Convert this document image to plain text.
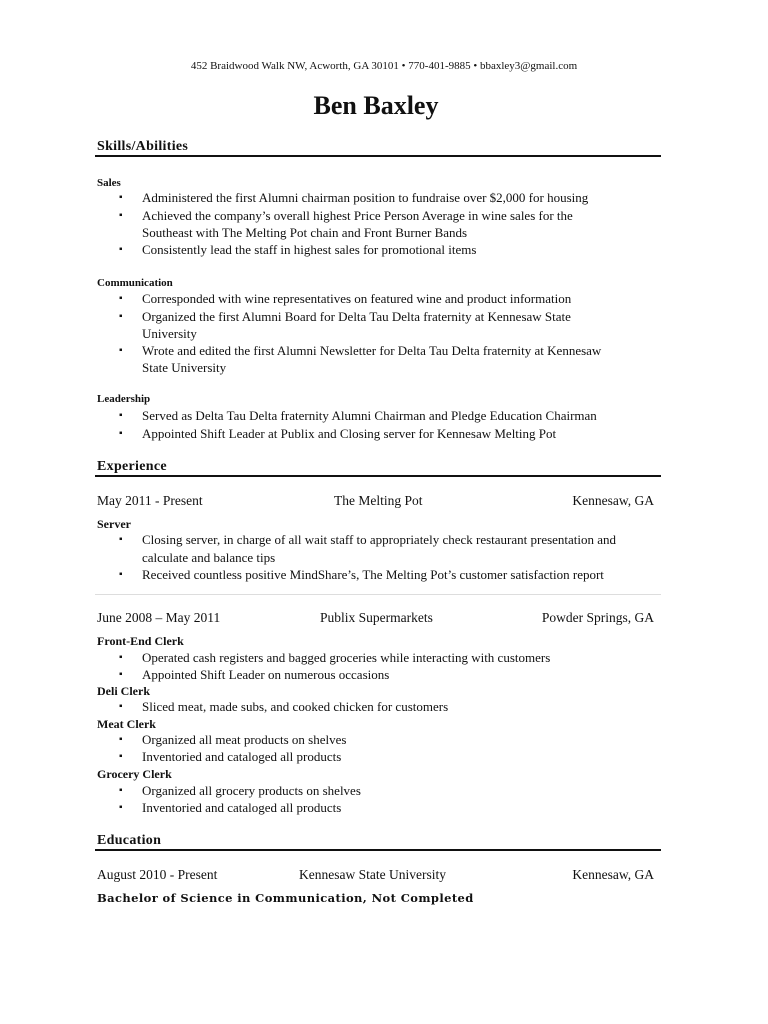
452 Braidwood Walk NW, Acworth, GA 30101 • 770-401-9885 • bbaxley3@gmail.com
Ben Baxley
Skills/Abilities
Sales
▪ Administered the first Alumni chairman position to fundraise over $2,000 for housing
▪ Achieved the company’s overall highest Price Person Average in wine sales for the
Southeast with The Melting Pot chain and Front Burner Bands
▪ Consistently lead the staff in highest sales for promotional items
Communication
▪ Corresponded with wine representatives on featured wine and product information
▪ Organized the first Alumni Board for Delta Tau Delta fraternity at Kennesaw State
University
▪ Wrote and edited the first Alumni Newsletter for Delta Tau Delta fraternity at Kennesaw
State University
Leadership
▪ Served as Delta Tau Delta fraternity Alumni Chairman and Pledge Education Chairman
▪ Appointed Shift Leader at Publix and Closing server for Kennesaw Melting Pot
Experience
May 2011 - Present	The Melting Pot	Kennesaw, GA
Server
▪ Closing server, in charge of all wait staff to appropriately check restaurant presentation and
calculate and balance tips
▪ Received countless positive MindShare’s, The Melting Pot’s customer satisfaction report
June 2008 – May 2011	Publix Supermarkets	Powder Springs, GA
Front-End Clerk
▪ Operated cash registers and bagged groceries while interacting with customers
▪ Appointed Shift Leader on numerous occasions
Deli Clerk
▪ Sliced meat, made subs, and cooked chicken for customers
Meat Clerk
▪ Organized all meat products on shelves
▪ Inventoried and cataloged all products
Grocery Clerk
▪ Organized all grocery products on shelves
▪ Inventoried and cataloged all products
Education
August 2010 - Present	Kennesaw State University	Kennesaw, GA
Bachelor of Science in Communication, Not Completed
